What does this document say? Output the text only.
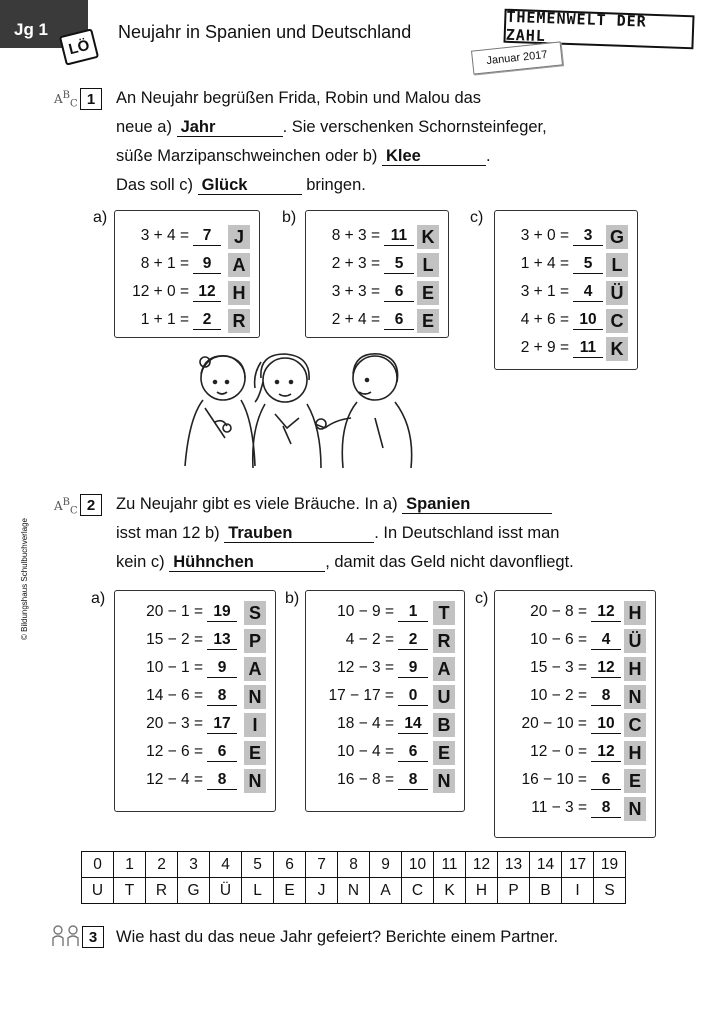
Jg 1
LÖ
Neujahr in Spanien und Deutschland
THEMENWELT DER ZAHL
Januar 2017
$A^B_C$ 1	An Neujahr begrüßen Frida, Robin und Malou das
neue a) Jahr	. Sie verschenken Schornsteinfeger,
süße Marzipanschweinchen oder b) Klee	.
Das soll c) Glück	bringen.
a)
3 + 4 = 7	J
8 + 1 = 9	A
12 + 0 = 12 H
1 + 1 = 2	R
b)
8 + 3 = 11 K
2 + 3 = 5	L
3 + 3 = 6	E
2 + 4 = 6	E
c)
3 + 0 = 3 G
1 + 4 = 5	L
3 + 1 = 4	Ü
4 + 6 = 10 C
2 + 9 = 11 K
© Bildungshaus Schulbuchverlage
$A^B_C$ 2	Zu Neujahr gibt es viele Bräuche. In a) Spanien
isst man 12 b) Trauben	. In Deutschland isst man
kein c) Hühnchen	, damit das Geld nicht davonfliegt.
a)
20 − 1 = 19	S
15 − 2 = 13	P
10 − 1 = 9	A
14 − 6 = 8	N
20 − 3 = 17	I
12 − 6 = 6	E
12 − 4 = 8	N
b)
10 − 9 = 1	T
4 − 2 = 2	R
12 − 3 = 9	A
17 − 17 = 0	U
18 − 4 = 14 B
10 − 4 = 6	E
16 − 8 = 8	N
c)
20 − 8 = 12 H
10 − 6 = 4	Ü
15 − 3 = 12 H
10 − 2 = 8	N
20 − 10 = 10 C
12 − 0 = 12 H
16 − 10 = 6	E
11 − 3 = 8	N
0	1	2	3	4	5	6	7	8	9	10	11	12	13	14	17	19
U	T	R	G	Ü	L	E	J	N	A	C	K	H	P	B	I	S
3	Wie hast du das neue Jahr gefeiert? Berichte einem Partner.
